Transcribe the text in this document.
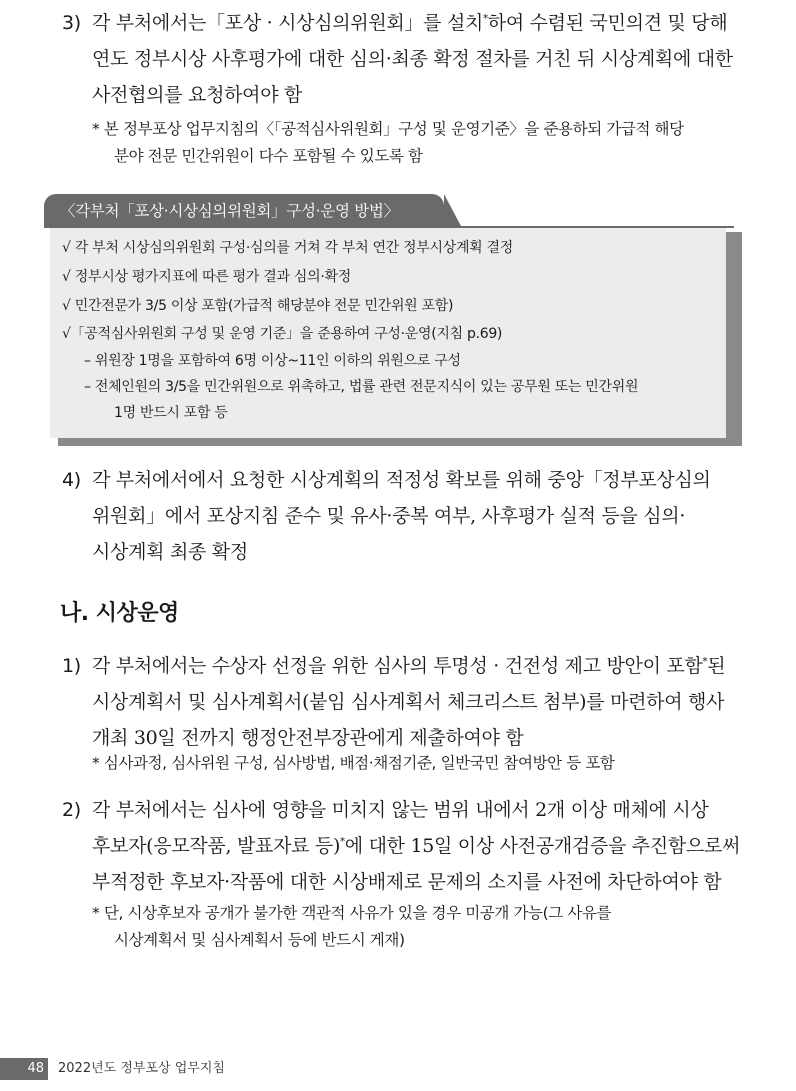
3) 각 부처에서는「포상 · 시상심의위원회」를 설치*하여 수렴된 국민의견 및 당해
연도 정부시상 사후평가에 대한 심의·최종 확정 절차를 거친 뒤 시상계획에 대한
사전협의를 요청하여야 함
* 본 정부포상 업무지침의〈「공적심사위원회」구성 및 운영기준〉을 준용하되 가급적 해당
분야 전문 민간위원이 다수 포함될 수 있도록 함
√ 각 부처 시상심의위원회 구성·심의를 거쳐 각 부처 연간 정부시상계획 결정
√ 정부시상 평가지표에 따른 평가 결과 심의·확정
√ 민간전문가 3/5 이상 포함(가급적 해당분야 전문 민간위원 포함)
√「공적심사위원회 구성 및 운영 기준」을 준용하여 구성·운영(지침 p.69)
– 위원장 1명을 포함하여 6명 이상~11인 이하의 위원으로 구성
– 전체인원의 3/5을 민간위원으로 위촉하고, 법률 관련 전문지식이 있는 공무원 또는 민간위원
1명 반드시 포함 등
〈각부처「포상·시상심의위원회」구성·운영 방법〉
4) 각 부처에서에서 요청한 시상계획의 적정성 확보를 위해 중앙「정부포상심의
위원회」에서 포상지침 준수 및 유사·중복 여부, 사후평가 실적 등을 심의·
시상계획 최종 확정
나. 시상운영
1) 각 부처에서는 수상자 선정을 위한 심사의 투명성 · 건전성 제고 방안이 포함*된
시상계획서 및 심사계획서(붙임 심사계획서 체크리스트 첨부)를 마련하여 행사
개최 30일 전까지 행정안전부장관에게 제출하여야 함
* 심사과정, 심사위원 구성, 심사방법, 배점·채점기준, 일반국민 참여방안 등 포함
2) 각 부처에서는 심사에 영향을 미치지 않는 범위 내에서 2개 이상 매체에 시상
후보자(응모작품, 발표자료 등)*에 대한 15일 이상 사전공개검증을 추진함으로써
부적정한 후보자·작품에 대한 시상배제로 문제의 소지를 사전에 차단하여야 함
* 단, 시상후보자 공개가 불가한 객관적 사유가 있을 경우 미공개 가능(그 사유를
시상계획서 및 심사계획서 등에 반드시 게재)
48	2022년도 정부포상 업무지침
